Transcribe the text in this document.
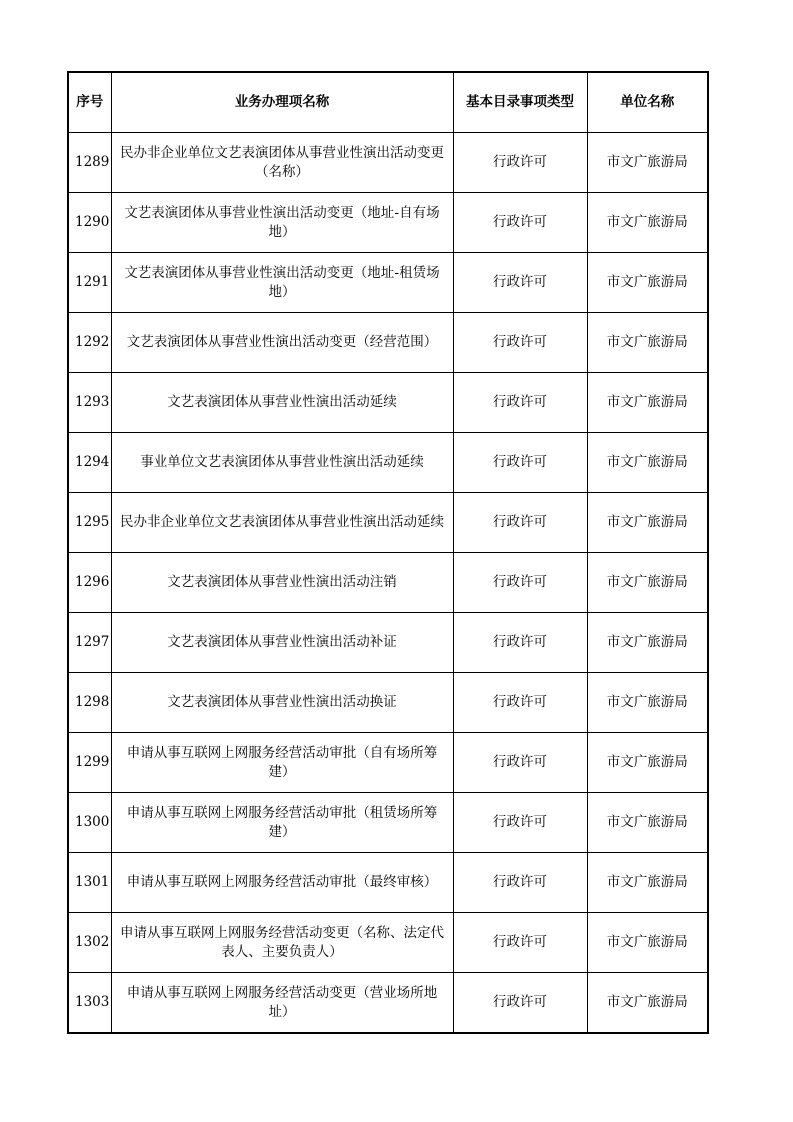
序号	业务办理项名称	基本目录事项类型	单位名称
1289	民办非企业单位文艺表演团体从事营业性演出活动变更（名称）	行政许可	市文广旅游局
1290	文艺表演团体从事营业性演出活动变更（地址-自有场地）	行政许可	市文广旅游局
1291	文艺表演团体从事营业性演出活动变更（地址-租赁场地）	行政许可	市文广旅游局
1292	文艺表演团体从事营业性演出活动变更（经营范围）	行政许可	市文广旅游局
1293	文艺表演团体从事营业性演出活动延续	行政许可	市文广旅游局
1294	事业单位文艺表演团体从事营业性演出活动延续	行政许可	市文广旅游局
1295	民办非企业单位文艺表演团体从事营业性演出活动延续	行政许可	市文广旅游局
1296	文艺表演团体从事营业性演出活动注销	行政许可	市文广旅游局
1297	文艺表演团体从事营业性演出活动补证	行政许可	市文广旅游局
1298	文艺表演团体从事营业性演出活动换证	行政许可	市文广旅游局
1299	申请从事互联网上网服务经营活动审批（自有场所筹建）	行政许可	市文广旅游局
1300	申请从事互联网上网服务经营活动审批（租赁场所筹建）	行政许可	市文广旅游局
1301	申请从事互联网上网服务经营活动审批（最终审核）	行政许可	市文广旅游局
1302	申请从事互联网上网服务经营活动变更（名称、法定代表人、主要负责人）	行政许可	市文广旅游局
1303	申请从事互联网上网服务经营活动变更（营业场所地址）	行政许可	市文广旅游局
